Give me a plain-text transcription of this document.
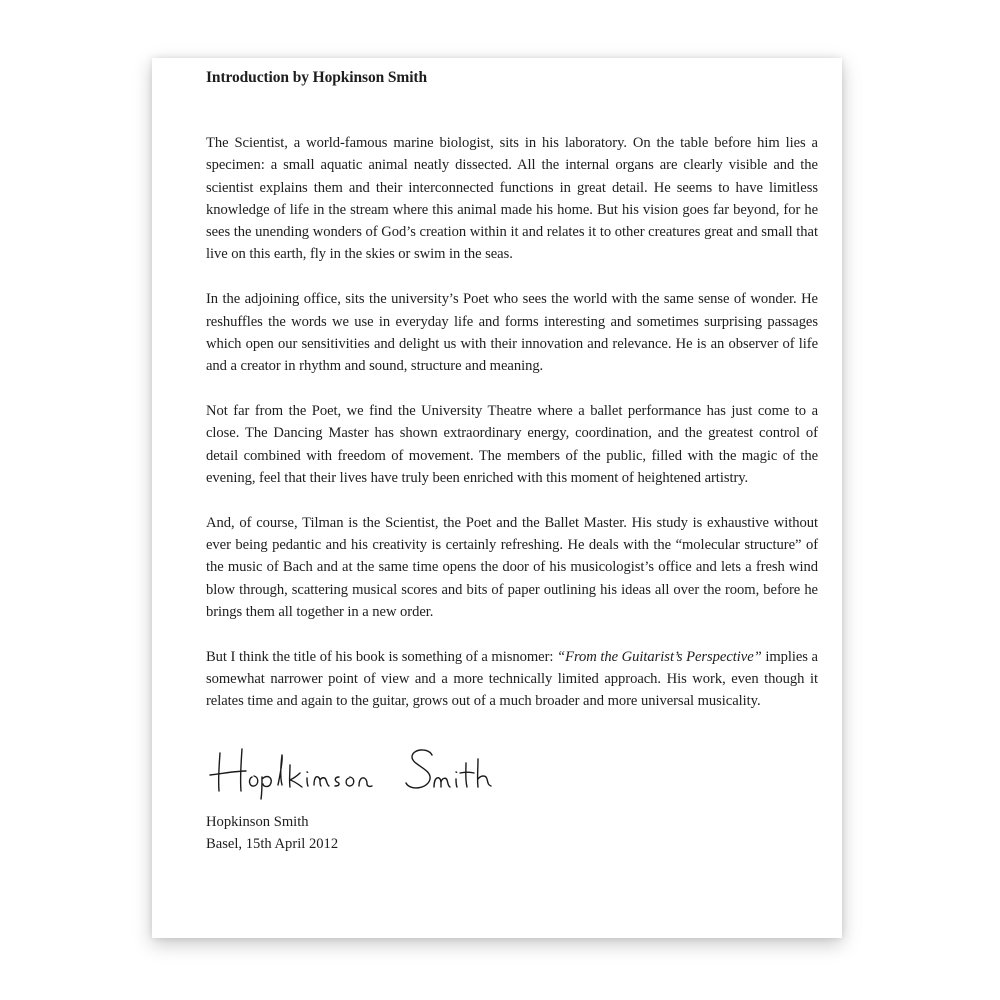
Introduction by Hopkinson Smith

The Scientist, a world-famous marine biologist, sits in his laboratory. On the table before him lies a specimen: a small aquatic animal neatly dissected. All the internal organs are clearly visible and the scientist explains them and their interconnected functions in great detail. He seems to have limitless knowledge of life in the stream where this animal made his home. But his vision goes far beyond, for he sees the unending wonders of God’s creation within it and relates it to other creatures great and small that live on this earth, fly in the skies or swim in the seas.

In the adjoining office, sits the university’s Poet who sees the world with the same sense of wonder. He reshuffles the words we use in everyday life and forms interesting and sometimes surprising passages which open our sensitivities and delight us with their innovation and relevance. He is an observer of life and a creator in rhythm and sound, structure and meaning.

Not far from the Poet, we find the University Theatre where a ballet performance has just come to a close. The Dancing Master has shown extraordinary energy, coordination, and the greatest control of detail combined with freedom of movement. The members of the public, filled with the magic of the evening, feel that their lives have truly been enriched with this moment of heightened artistry.

And, of course, Tilman is the Scientist, the Poet and the Ballet Master. His study is exhaustive without ever being pedantic and his creativity is certainly refreshing. He deals with the “molecular structure” of the music of Bach and at the same time opens the door of his musicologist’s office and lets a fresh wind blow through, scattering musical scores and bits of paper outlining his ideas all over the room, before he brings them all together in a new order.

But I think the title of his book is something of a misnomer: “From the Guitarist’s Perspective” implies a somewhat narrower point of view and a more technically limited approach. His work, even though it relates time and again to the guitar, grows out of a much broader and more universal musicality.

Hopkinson Smith

Basel, 15th April 2012
